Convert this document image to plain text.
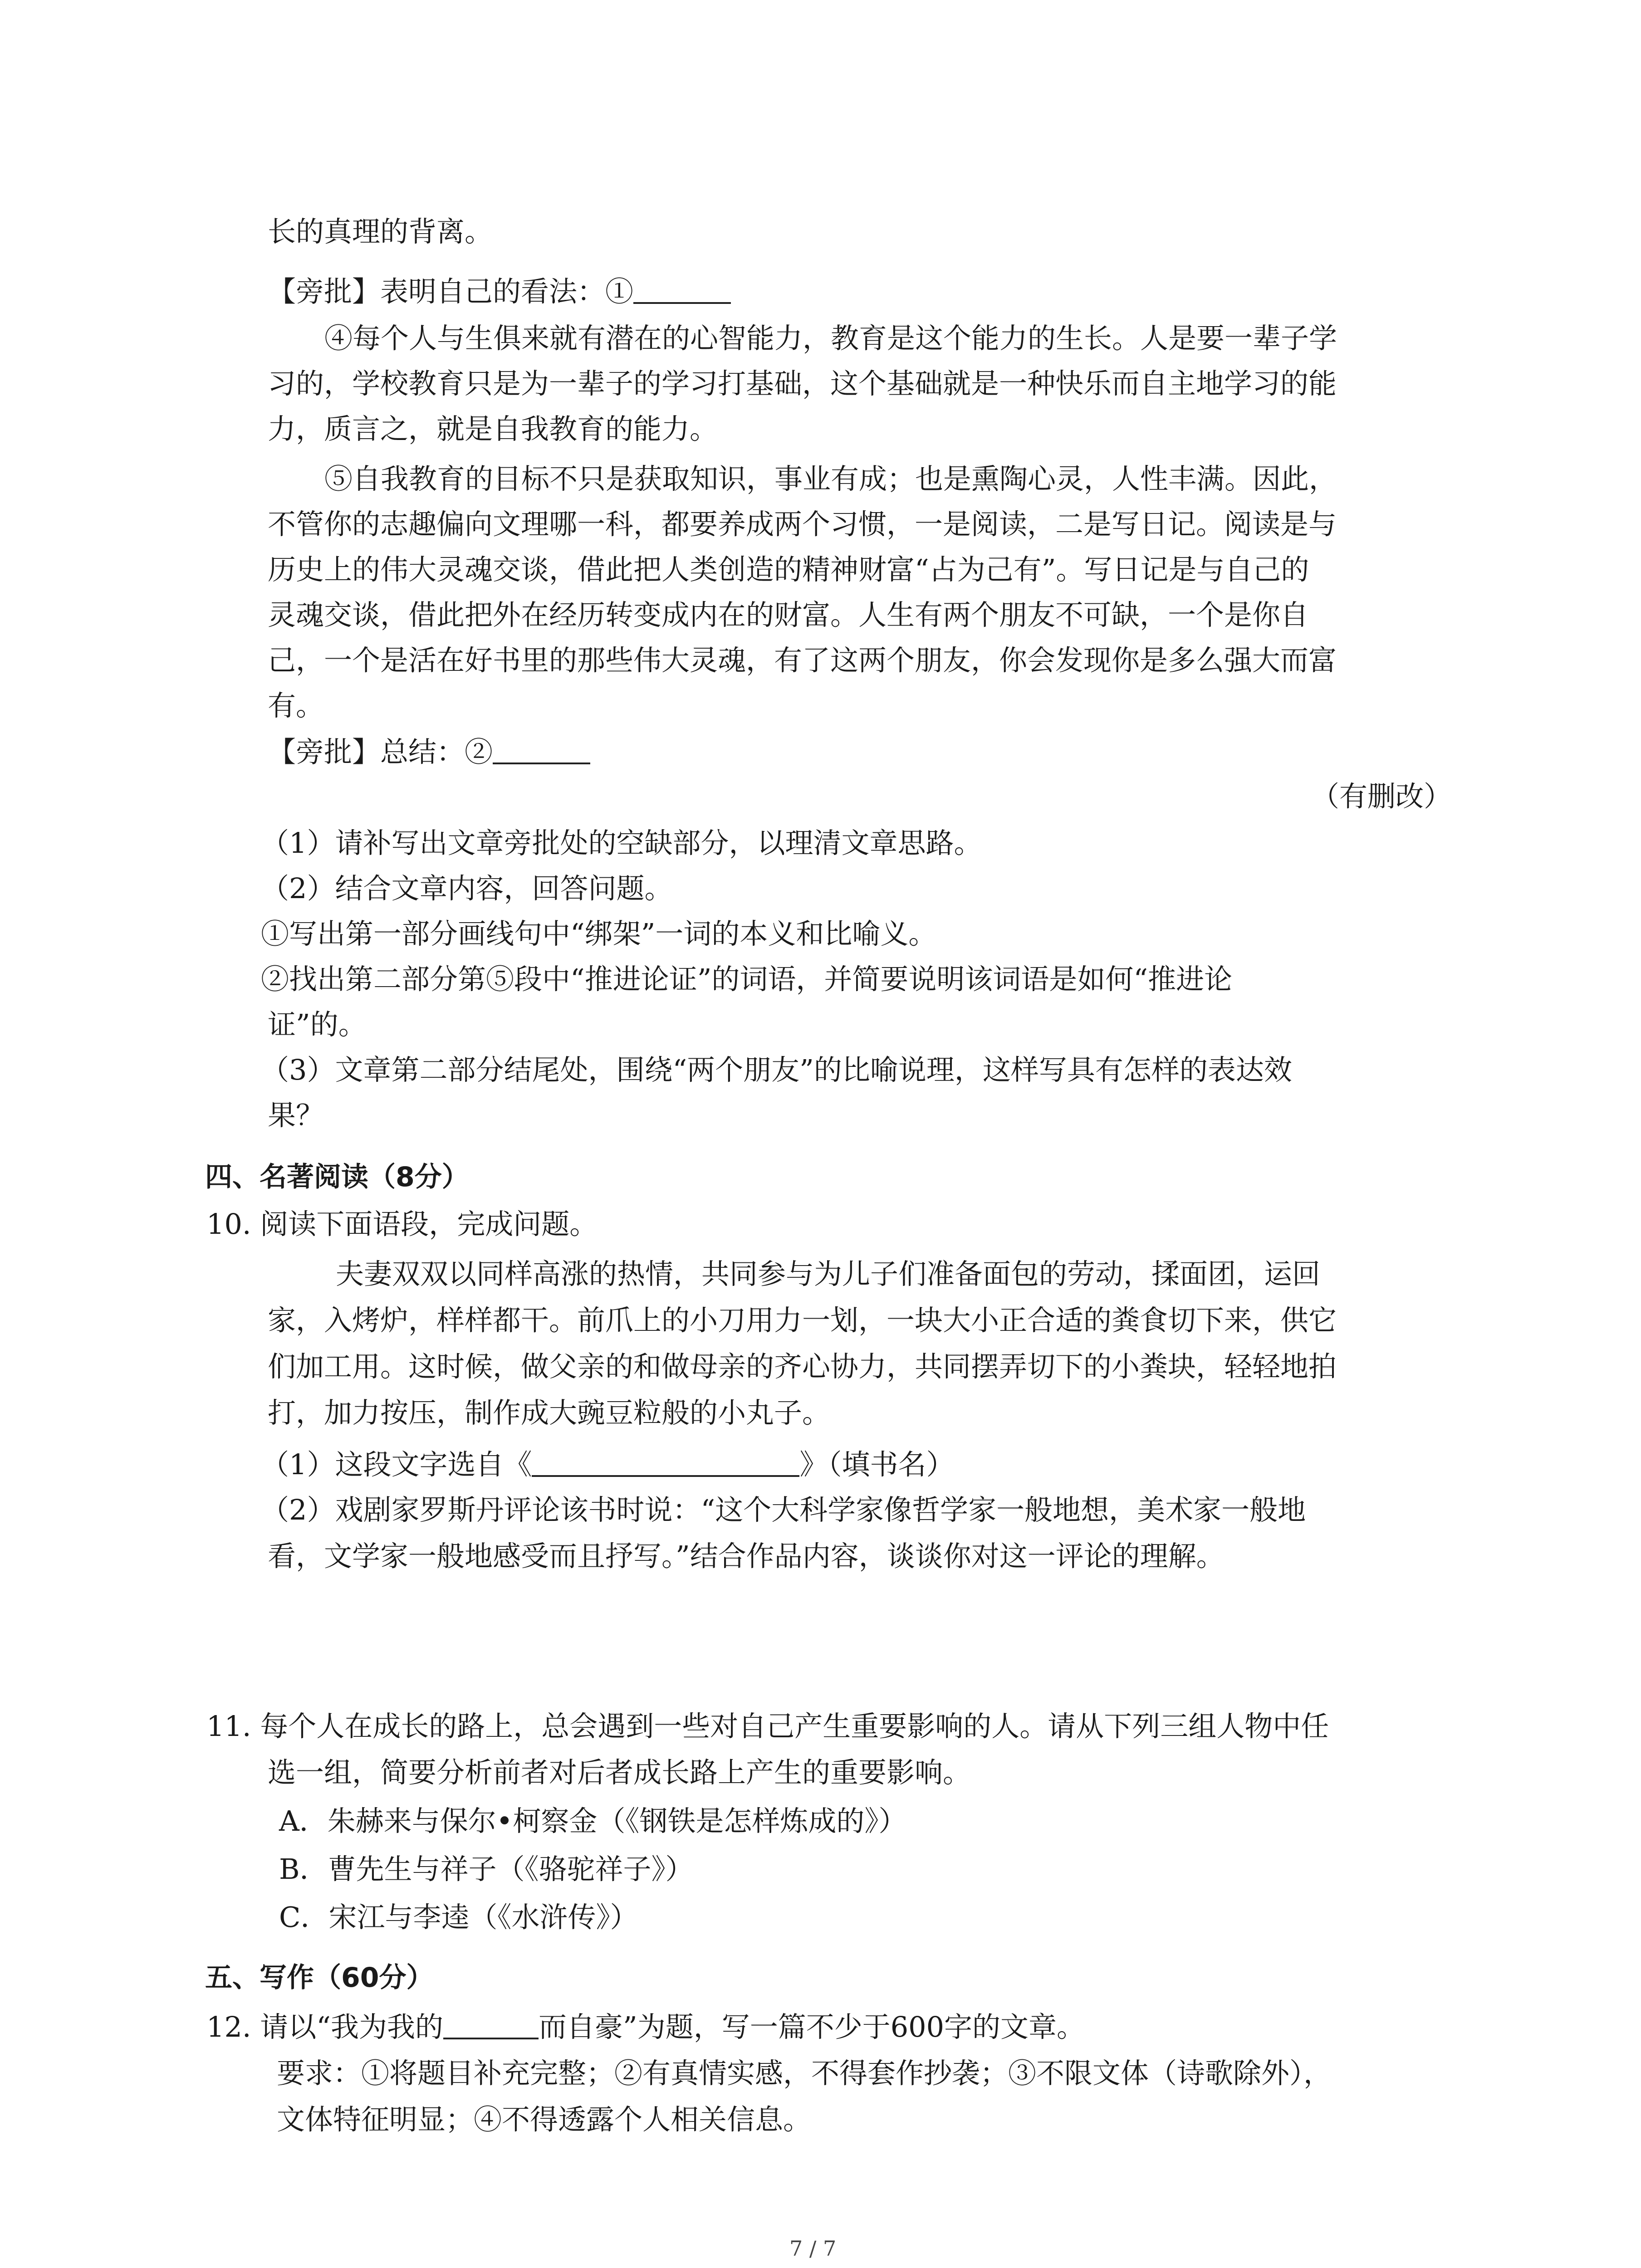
长的真理的背离。
【旁批】表明自己的看法：①
④每个人与生俱来就有潜在的心智能力，教育是这个能力的生长。人是要一辈子学
习的，学校教育只是为一辈子的学习打基础，这个基础就是一种快乐而自主地学习的能
力，质言之，就是自我教育的能力。
⑤自我教育的目标不只是获取知识，事业有成；也是熏陶心灵，人性丰满。因此，
不管你的志趣偏向文理哪一科，都要养成两个习惯，一是阅读，二是写日记。阅读是与
历史上的伟大灵魂交谈，借此把人类创造的精神财富“占为己有”。写日记是与自己的
灵魂交谈，借此把外在经历转变成内在的财富。人生有两个朋友不可缺，一个是你自
己，一个是活在好书里的那些伟大灵魂，有了这两个朋友，你会发现你是多么强大而富
有。
【旁批】总结：②
（有删改）
（1）请补写出文章旁批处的空缺部分，以理清文章思路。
（2）结合文章内容，回答问题。
①写出第一部分画线句中“绑架”一词的本义和比喻义。
②找出第二部分第⑤段中“推进论证”的词语，并简要说明该词语是如何“推进论
证”的。
（3）文章第二部分结尾处，围绕“两个朋友”的比喻说理，这样写具有怎样的表达效
果？
四、名著阅读（8分）
10. 阅读下面语段，完成问题。
夫妻双双以同样高涨的热情，共同参与为儿子们准备面包的劳动，揉面团，运回
家，入烤炉，样样都干。前爪上的小刀用力一划，一块大小正合适的粪食切下来，供它
们加工用。这时候，做父亲的和做母亲的齐心协力，共同摆弄切下的小粪块，轻轻地拍
打，加力按压，制作成大豌豆粒般的小丸子。
（1）这段文字选自《	》（填书名）
（2）戏剧家罗斯丹评论该书时说：“这个大科学家像哲学家一般地想，美术家一般地
看，文学家一般地感受而且抒写。”结合作品内容，谈谈你对这一评论的理解。
11. 每个人在成长的路上，总会遇到一些对自己产生重要影响的人。请从下列三组人物中任
选一组，简要分析前者对后者成长路上产生的重要影响。
A．朱赫来与保尔•柯察金（《钢铁是怎样炼成的》）
B．曹先生与祥子（《骆驼祥子》）
C．宋江与李逵（《水浒传》）
五、写作（60分）
12. 请以“我为我的	而自豪”为题，写一篇不少于600字的文章。
要求：①将题目补充完整；②有真情实感，不得套作抄袭；③不限文体（诗歌除外），
文体特征明显；④不得透露个人相关信息。
7 / 7
